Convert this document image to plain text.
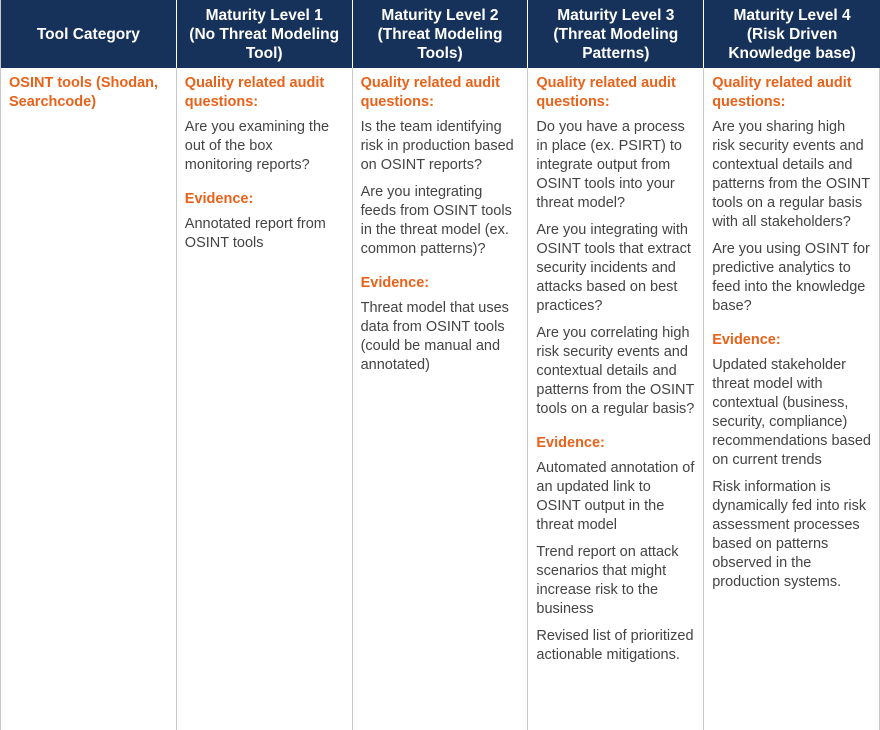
Tool Category
Maturity Level 1
(No Threat Modeling Tool)
Maturity Level 2
(Threat Modeling Tools)
Maturity Level 3
(Threat Modeling Patterns)
Maturity Level 4
(Risk Driven Knowledge base)
OSINT tools (Shodan, Searchcode)
Quality related audit questions:
Are you examining the out of the box monitoring reports?
Evidence:
Annotated report from OSINT tools
Quality related audit questions:
Is the team identifying risk in production based on OSINT reports?
Are you integrating feeds from OSINT tools in the threat model (ex. common patterns)?
Evidence:
Threat model that uses data from OSINT tools (could be manual and annotated)
Quality related audit questions:
Do you have a process in place (ex. PSIRT) to integrate output from OSINT tools into your threat model?
Are you integrating with OSINT tools that extract security incidents and attacks based on best practices?
Are you correlating high risk security events and contextual details and patterns from the OSINT tools on a regular basis?
Evidence:
Automated annotation of an updated link to OSINT output in the threat model
Trend report on attack scenarios that might increase risk to the business
Revised list of prioritized actionable mitigations.
Quality related audit questions:
Are you sharing high risk security events and contextual details and patterns from the OSINT tools on a regular basis with all stakeholders?
Are you using OSINT for predictive analytics to feed into the knowledge base?
Evidence:
Updated stakeholder threat model with contextual (business, security, compliance) recommendations based on current trends
Risk information is dynamically fed into risk assessment processes based on patterns observed in the production systems.
